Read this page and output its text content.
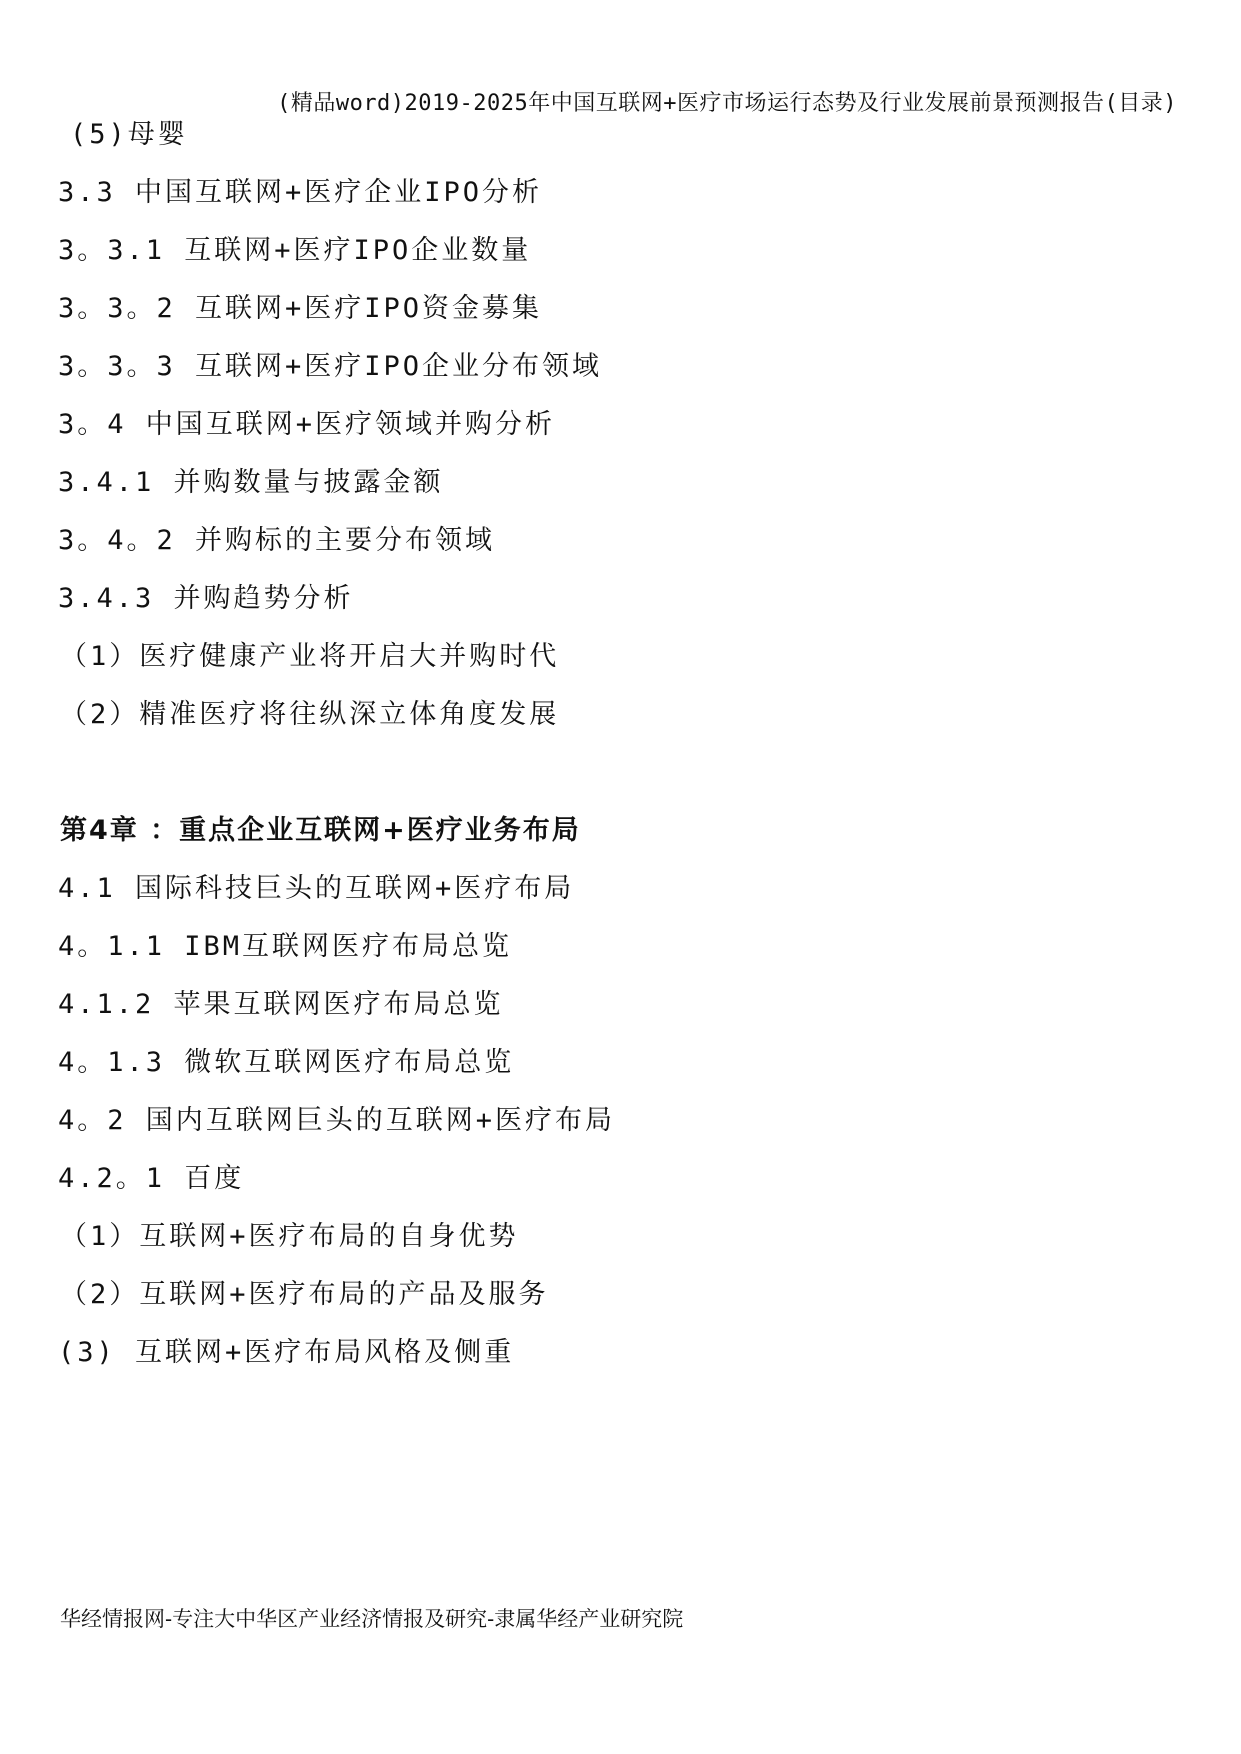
(精品word)2019-2025年中国互联网+医疗市场运行态势及行业发展前景预测报告(目录)
(5)母婴
3.3 中国互联网+医疗企业IPO分析
3。3.1 互联网+医疗IPO企业数量
3。3。2 互联网+医疗IPO资金募集
3。3。3 互联网+医疗IPO企业分布领域
3。4 中国互联网+医疗领域并购分析
3.4.1 并购数量与披露金额
3。4。2 并购标的主要分布领域
3.4.3 并购趋势分析
（1）医疗健康产业将开启大并购时代
（2）精准医疗将往纵深立体角度发展
第4章 ：重点企业互联网+医疗业务布局
4.1 国际科技巨头的互联网+医疗布局
4。1.1 IBM互联网医疗布局总览
4.1.2 苹果互联网医疗布局总览
4。1.3 微软互联网医疗布局总览
4。2 国内互联网巨头的互联网+医疗布局
4.2。1 百度
（1）互联网+医疗布局的自身优势
（2）互联网+医疗布局的产品及服务
(3) 互联网+医疗布局风格及侧重
华经情报网-专注大中华区产业经济情报及研究-隶属华经产业研究院
